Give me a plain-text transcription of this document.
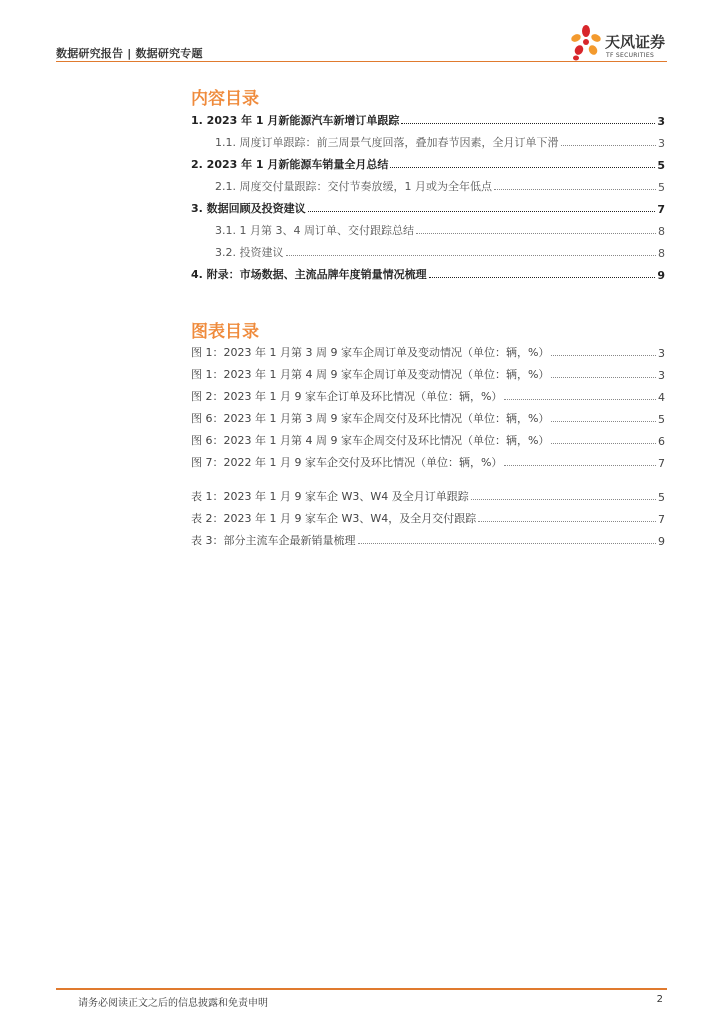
数据研究报告 | 数据研究专题
天风证券
TF SECURITIES
内容目录
1. 2023 年 1 月新能源汽车新增订单跟踪	3
1.1. 周度订单跟踪：前三周景气度回落，叠加春节因素，全月订单下滑	3
2. 2023 年 1 月新能源车销量全月总结	5
2.1. 周度交付量跟踪：交付节奏放缓，1 月或为全年低点	5
3. 数据回顾及投资建议	7
3.1. 1 月第 3、4 周订单、交付跟踪总结	8
3.2. 投资建议	8
4. 附录：市场数据、主流品牌年度销量情况梳理	9
图表目录
图 1：2023 年 1 月第 3 周 9 家车企周订单及变动情况（单位：辆，%）	3
图 1：2023 年 1 月第 4 周 9 家车企周订单及变动情况（单位：辆，%）	3
图 2：2023 年 1 月 9 家车企订单及环比情况（单位：辆，%）	4
图 6：2023 年 1 月第 3 周 9 家车企周交付及环比情况（单位：辆，%）	5
图 6：2023 年 1 月第 4 周 9 家车企周交付及环比情况（单位：辆，%）	6
图 7：2022 年 1 月 9 家车企交付及环比情况（单位：辆，%）	7
表 1：2023 年 1 月 9 家车企 W3、W4 及全月订单跟踪	5
表 2：2023 年 1 月 9 家车企 W3、W4，及全月交付跟踪	7
表 3：部分主流车企最新销量梳理	9
请务必阅读正文之后的信息披露和免责申明	2
